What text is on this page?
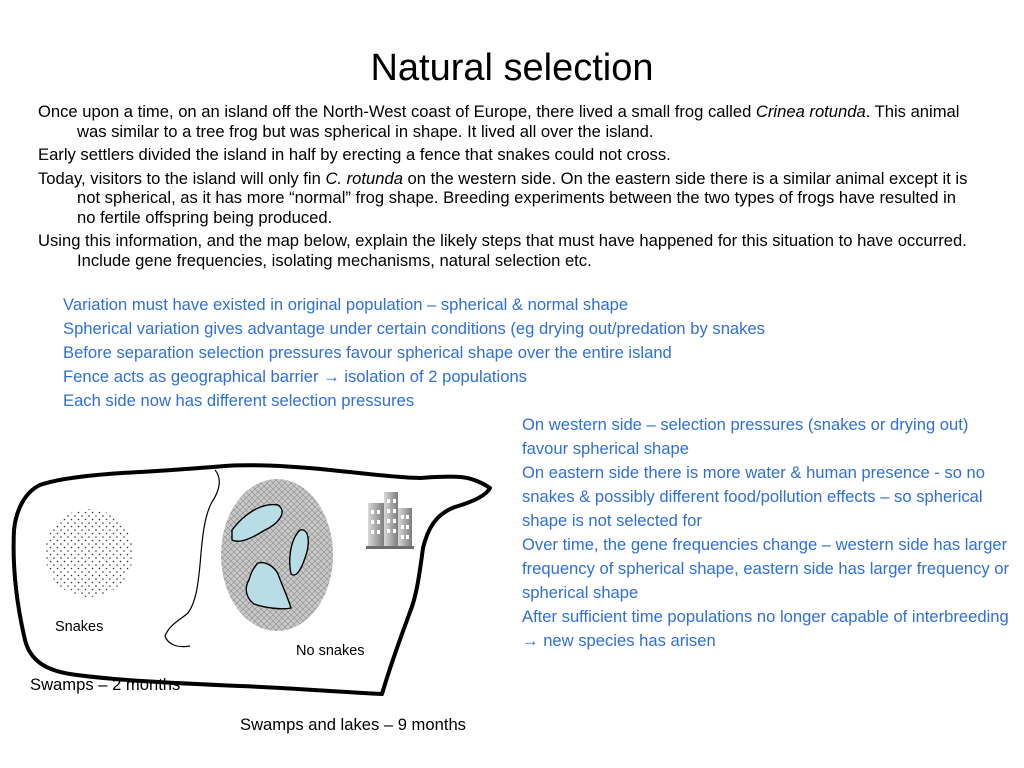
Natural selection

Once upon a time, on an island off the North-West coast of Europe, there lived a small frog called Crinea rotunda. This animal was similar to a tree frog but was spherical in shape. It lived all over the island.

Early settlers divided the island in half by erecting a fence that snakes could not cross.

Today, visitors to the island will only fin C. rotunda on the western side. On the eastern side there is a similar animal except it is not spherical, as it has more “normal” frog shape. Breeding experiments between the two types of frogs have resulted in no fertile offspring being produced.

Using this information, and the map below, explain the likely steps that must have happened for this situation to have occurred. Include gene frequencies, isolating mechanisms, natural selection etc.

Variation must have existed in original population – spherical & normal shape
Spherical variation gives advantage under certain conditions (eg drying out/predation by snakes
Before separation selection pressures favour spherical shape over the entire island
Fence acts as geographical barrier → isolation of 2 populations
Each side now has different selection pressures
On western side – selection pressures (snakes or drying out) favour spherical shape
On eastern side there is more water & human presence - so no snakes & possibly different food/pollution effects – so spherical shape is not selected for
Over time, the gene frequencies change – western side has larger frequency of spherical shape, eastern side has larger frequency or spherical shape
After sufficient time populations no longer capable of interbreeding → new species has arisen
Snakes
No snakes
Swamps – 2 months
Swamps and lakes – 9 months
